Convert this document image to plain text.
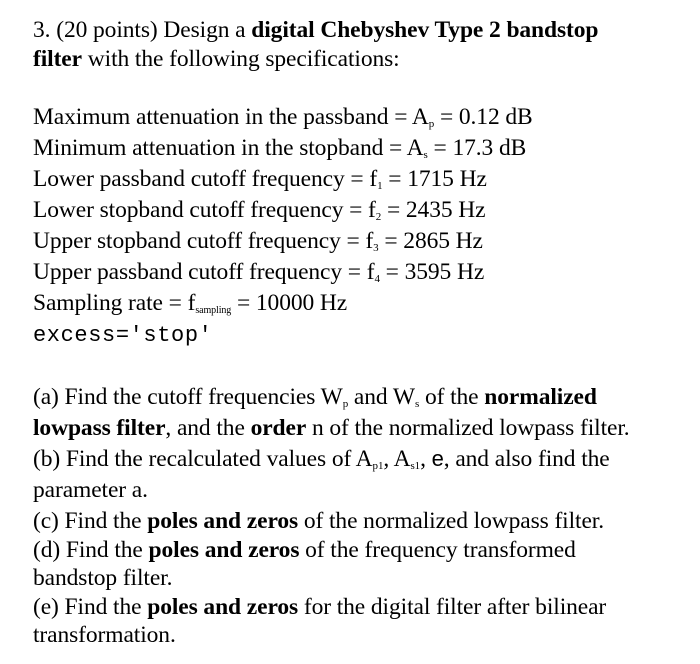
3. (20 points) Design a digital Chebyshev Type 2 bandstop
filter with the following specifications:
Maximum attenuation in the passband = $A_p = 0.12$ dB
Minimum attenuation in the stopband = $A_s = 17.3$ dB
Lower passband cutoff frequency = $f_1 = 1715$ Hz
Lower stopband cutoff frequency = $f_2 = 2435$ Hz
Upper stopband cutoff frequency = $f_3 = 2865$ Hz
Upper passband cutoff frequency = $f_4 = 3595$ Hz
Sampling rate = $f_{sampling} = 10000$ Hz
excess='stop'
(a) Find the cutoff frequencies $W_p$ and $W_s$ of the normalized
lowpass filter, and the order n of the normalized lowpass filter.
(b) Find the recalculated values of $A_{p1}$, $A_{s1}$, e, and also find the
parameter a.
(c) Find the poles and zeros of the normalized lowpass filter.
(d) Find the poles and zeros of the frequency transformed
bandstop filter.
(e) Find the poles and zeros for the digital filter after bilinear
transformation.
